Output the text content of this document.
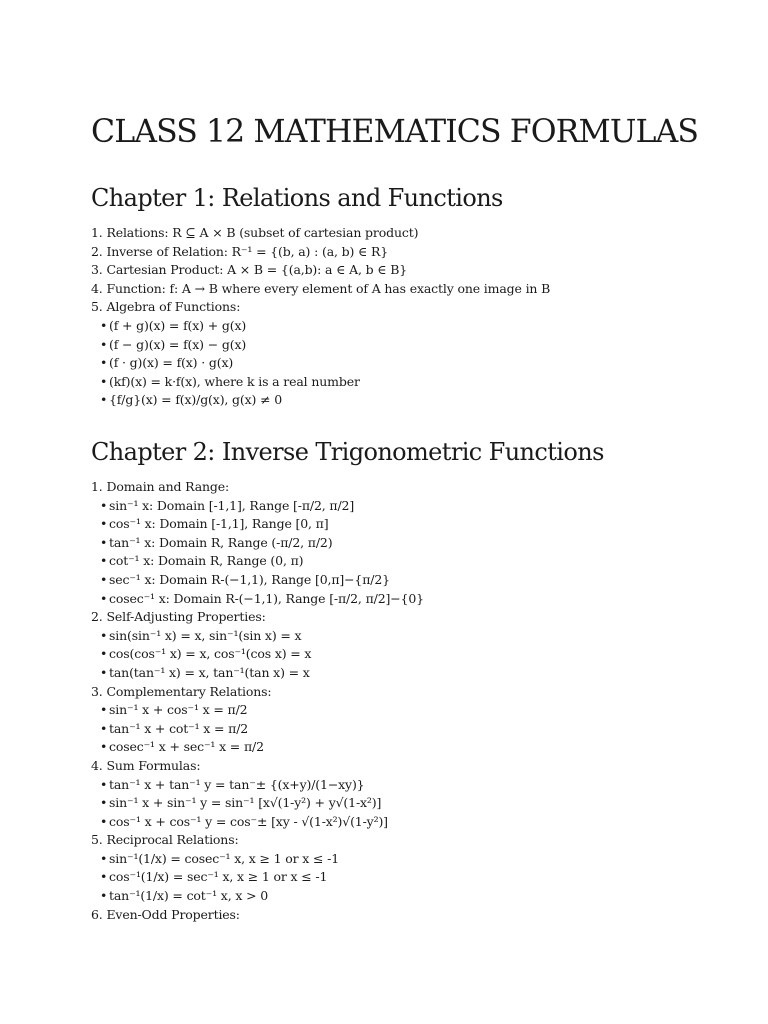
CLASS 12 MATHEMATICS FORMULAS
Chapter 1: Relations and Functions
1. Relations: R ⊆ A × B (subset of cartesian product)
2. Inverse of Relation: R⁻¹ = {(b, a) : (a, b) ∈ R}
3. Cartesian Product: A × B = {(a,b): a ∈ A, b ∈ B}
4. Function: f: A → B where every element of A has exactly one image in B
5. Algebra of Functions:
• (f + g)(x) = f(x) + g(x)
• (f − g)(x) = f(x) − g(x)
• (f · g)(x) = f(x) · g(x)
• (kf)(x) = k·f(x), where k is a real number
• {f/g}(x) = f(x)/g(x), g(x) ≠ 0
Chapter 2: Inverse Trigonometric Functions
1. Domain and Range:
• sin⁻¹ x: Domain [-1,1], Range [-π/2, π/2]
• cos⁻¹ x: Domain [-1,1], Range [0, π]
• tan⁻¹ x: Domain R, Range (-π/2, π/2)
• cot⁻¹ x: Domain R, Range (0, π)
• sec⁻¹ x: Domain R-(−1,1), Range [0,π]−{π/2}
• cosec⁻¹ x: Domain R-(−1,1), Range [-π/2, π/2]−{0}
2. Self-Adjusting Properties:
• sin(sin⁻¹ x) = x, sin⁻¹(sin x) = x
• cos(cos⁻¹ x) = x, cos⁻¹(cos x) = x
• tan(tan⁻¹ x) = x, tan⁻¹(tan x) = x
3. Complementary Relations:
• sin⁻¹ x + cos⁻¹ x = π/2
• tan⁻¹ x + cot⁻¹ x = π/2
• cosec⁻¹ x + sec⁻¹ x = π/2
4. Sum Formulas:
• tan⁻¹ x + tan⁻¹ y = tan⁻± {(x+y)/(1−xy)}
• sin⁻¹ x + sin⁻¹ y = sin⁻¹ [x√(1-y²) + y√(1-x²)]
• cos⁻¹ x + cos⁻¹ y = cos⁻± [xy - √(1-x²)√(1-y²)]
5. Reciprocal Relations:
• sin⁻¹(1/x) = cosec⁻¹ x, x ≥ 1 or x ≤ -1
• cos⁻¹(1/x) = sec⁻¹ x, x ≥ 1 or x ≤ -1
• tan⁻¹(1/x) = cot⁻¹ x, x > 0
6. Even-Odd Properties:
